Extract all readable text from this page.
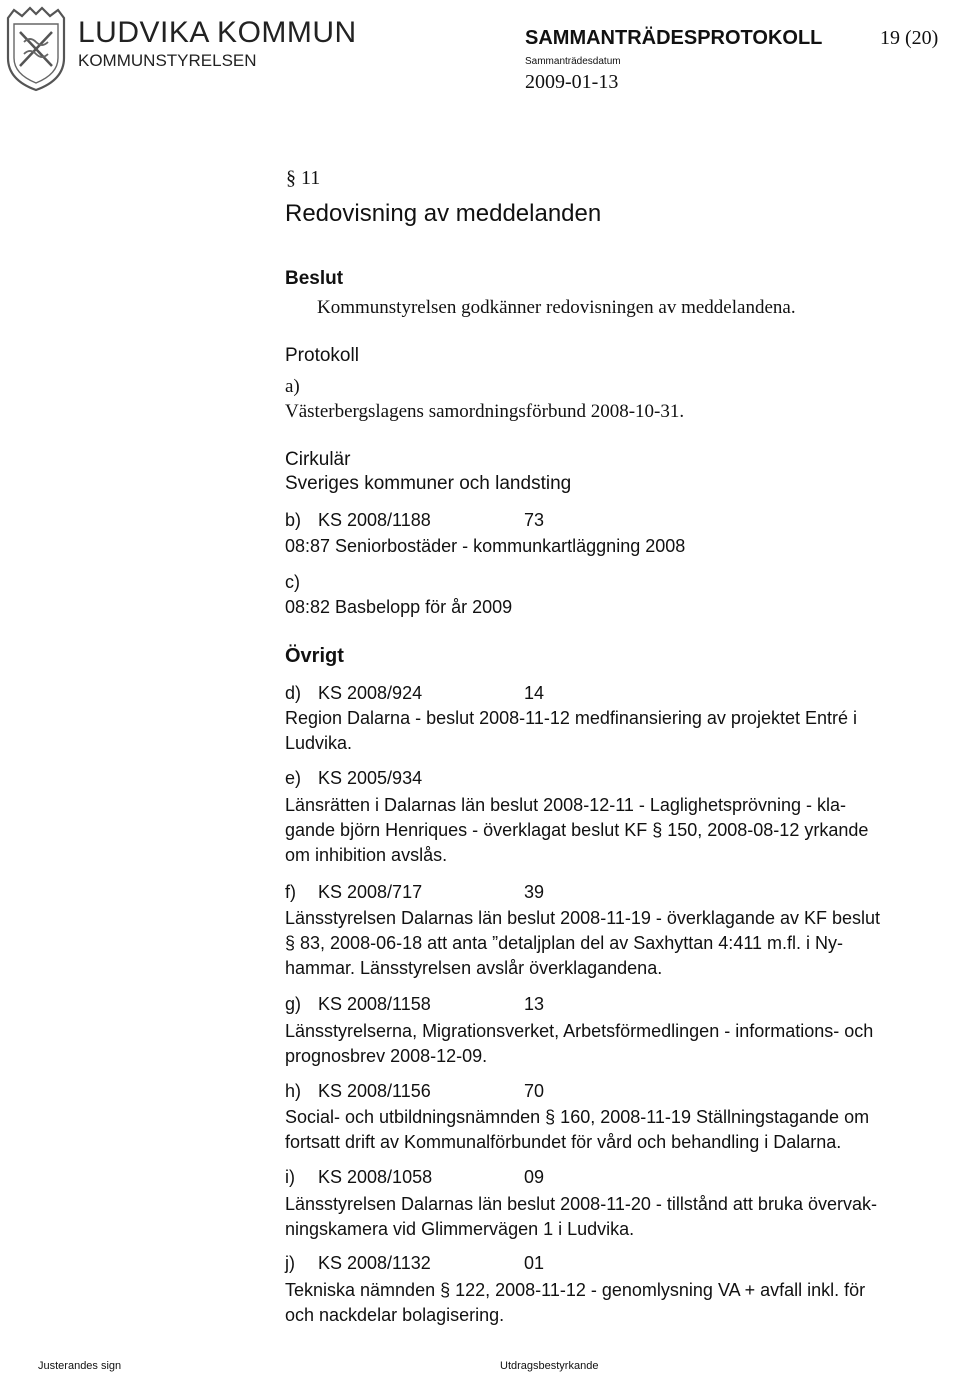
LUDVIKA KOMMUN
KOMMUNSTYRELSEN
SAMMANTRÄDESPROTOKOLL	19 (20)
Sammanträdesdatum
2009-01-13
§ 11
Redovisning av meddelanden
Beslut
Kommunstyrelsen godkänner redovisningen av meddelandena.
Protokoll
a)
Västerbergslagens samordningsförbund 2008-10-31.
Cirkulär
Sveriges kommuner och landsting
b) KS 2008/1188	73
08:87 Seniorbostäder - kommunkartläggning 2008
c)
08:82 Basbelopp för år 2009
Övrigt
d) KS 2008/924	14
Region Dalarna - beslut 2008-11-12 medfinansiering av projektet Entré i
Ludvika.
e) KS 2005/934
Länsrätten i Dalarnas län beslut 2008-12-11 - Laglighetsprövning - kla-
gande björn Henriques - överklagat beslut KF § 150, 2008-08-12 yrkande
om inhibition avslås.
f) KS 2008/717	39
Länsstyrelsen Dalarnas län beslut 2008-11-19 - överklagande av KF beslut
§ 83, 2008-06-18 att anta ”detaljplan del av Saxhyttan 4:411 m.fl. i Ny-
hammar. Länsstyrelsen avslår överklagandena.
g) KS 2008/1158	13
Länsstyrelserna, Migrationsverket, Arbetsförmedlingen - informations- och
prognosbrev 2008-12-09.
h) KS 2008/1156	70
Social- och utbildningsnämnden § 160, 2008-11-19 Ställningstagande om
fortsatt drift av Kommunalförbundet för vård och behandling i Dalarna.
i) KS 2008/1058	09
Länsstyrelsen Dalarnas län beslut 2008-11-20 - tillstånd att bruka övervak-
ningskamera vid Glimmervägen 1 i Ludvika.
j) KS 2008/1132	01
Tekniska nämnden § 122, 2008-11-12 - genomlysning VA + avfall inkl. för
och nackdelar bolagisering.
Justerandes sign	Utdragsbestyrkande
